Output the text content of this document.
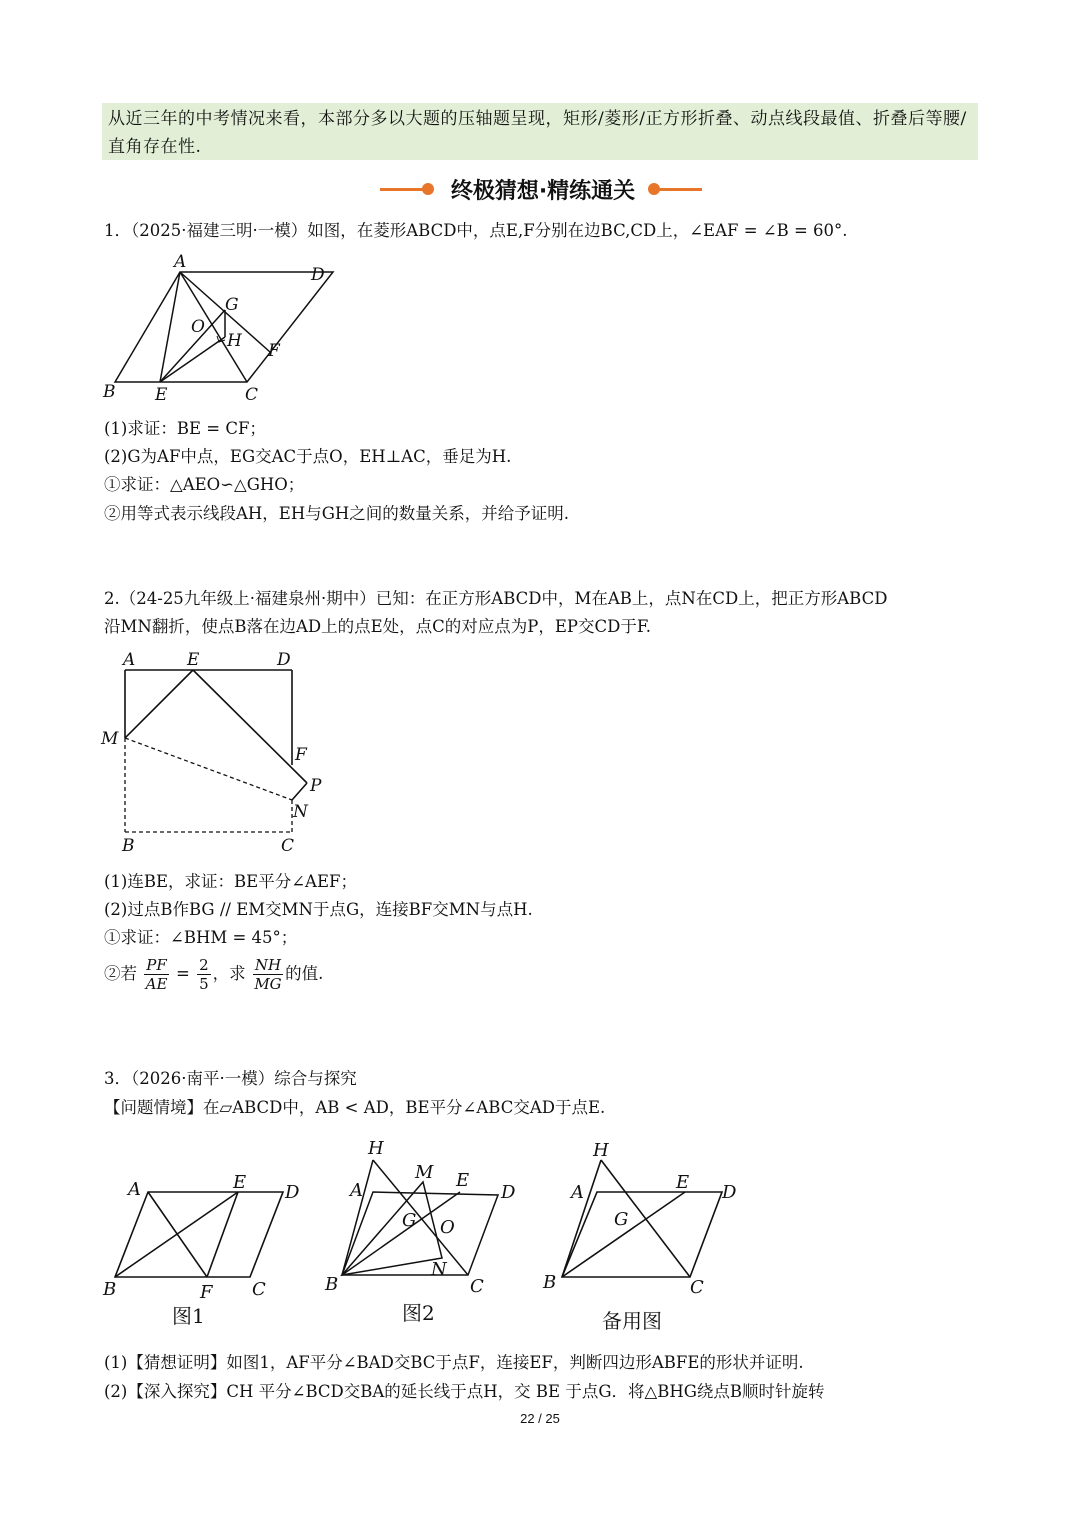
从近三年的中考情况来看，本部分多以大题的压轴题呈现，矩形/菱形/正方形折叠、动点线段最值、折叠后等腰/直角存在性.
终极猜想·精练通关
1．（2025·福建三明·一模）如图，在菱形ABCD中，点E,F分别在边BC,CD上，∠EAF = ∠B = 60°.
A
D
B E	C
F
G
O
H
(1)求证：BE = CF；
(2)G为AF中点，EG交AC于点O，EH⊥AC，垂足为H.
①求证：△AEO∽△GHO；
②用等式表示线段AH，EH与GH之间的数量关系，并给予证明.
2.（24-25九年级上·福建泉州·期中）已知：在正方形ABCD中，M在AB上，点N在CD上，把正方形ABCD
沿MN翻折，使点B落在边AD上的点E处，点C的对应点为P，EP交CD于F.
A	E	D
M
F
P
N
B	C
(1)连BE，求证：BE平分∠AEF；
(2)过点B作BG // EM交MN于点G，连接BF交MN与点H.
①求证：∠BHM = 45°；
②若 $\frac{PF}{AE} = \frac{2}{5}$ ，求 $\frac{NH}{MG}$ 的值.
3．（2026·南平·一模）综合与探究
【问题情境】在▱ABCD中，AB < AD，BE平分∠ABC交AD于点E.
A	E D
B	F C
图1
H
M
A	E
D
G O
B
N
C
图2
H
A	E D
G
B	C
备用图
(1)【猜想证明】如图1，AF平分∠BAD交BC于点F，连接EF，判断四边形ABFE的形状并证明.
(2)【深入探究】CH 平分∠BCD交BA的延长线于点H，交 BE 于点G．将△BHG绕点B顺时针旋转
22 / 25
